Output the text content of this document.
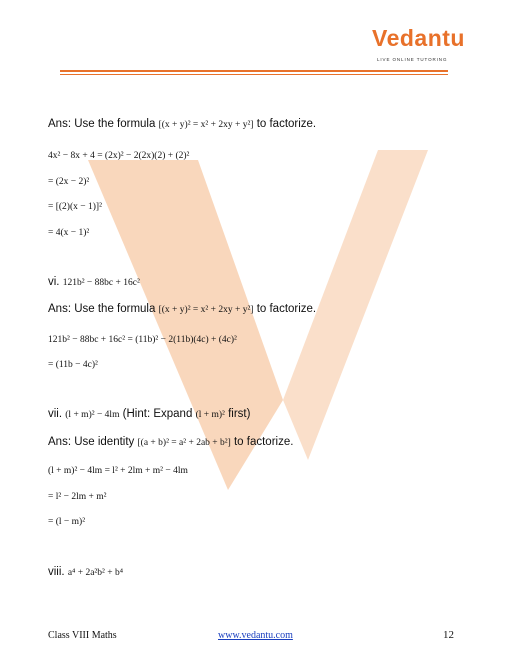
Vedantu
LIVE ONLINE TUTORING
Ans: Use the formula [(x + y)² = x² + 2xy + y²] to factorize.
4x² − 8x + 4 = (2x)² − 2(2x)(2) + (2)²
= (2x − 2)²
= [(2)(x − 1)]²
= 4(x − 1)²
vi. 121b² − 88bc + 16c²
Ans: Use the formula [(x + y)² = x² + 2xy + y²] to factorize.
121b² − 88bc + 16c² = (11b)² − 2(11b)(4c) + (4c)²
= (11b − 4c)²
vii. (l + m)² − 4lm (Hint: Expand (l + m)² first)
Ans: Use identity [(a + b)² = a² + 2ab + b²] to factorize.
(l + m)² − 4lm = l² + 2lm + m² − 4lm
= l² − 2lm + m²
= (l − m)²
viii. a⁴ + 2a²b² + b⁴
Class VIII Maths	www.vedantu.com	12
